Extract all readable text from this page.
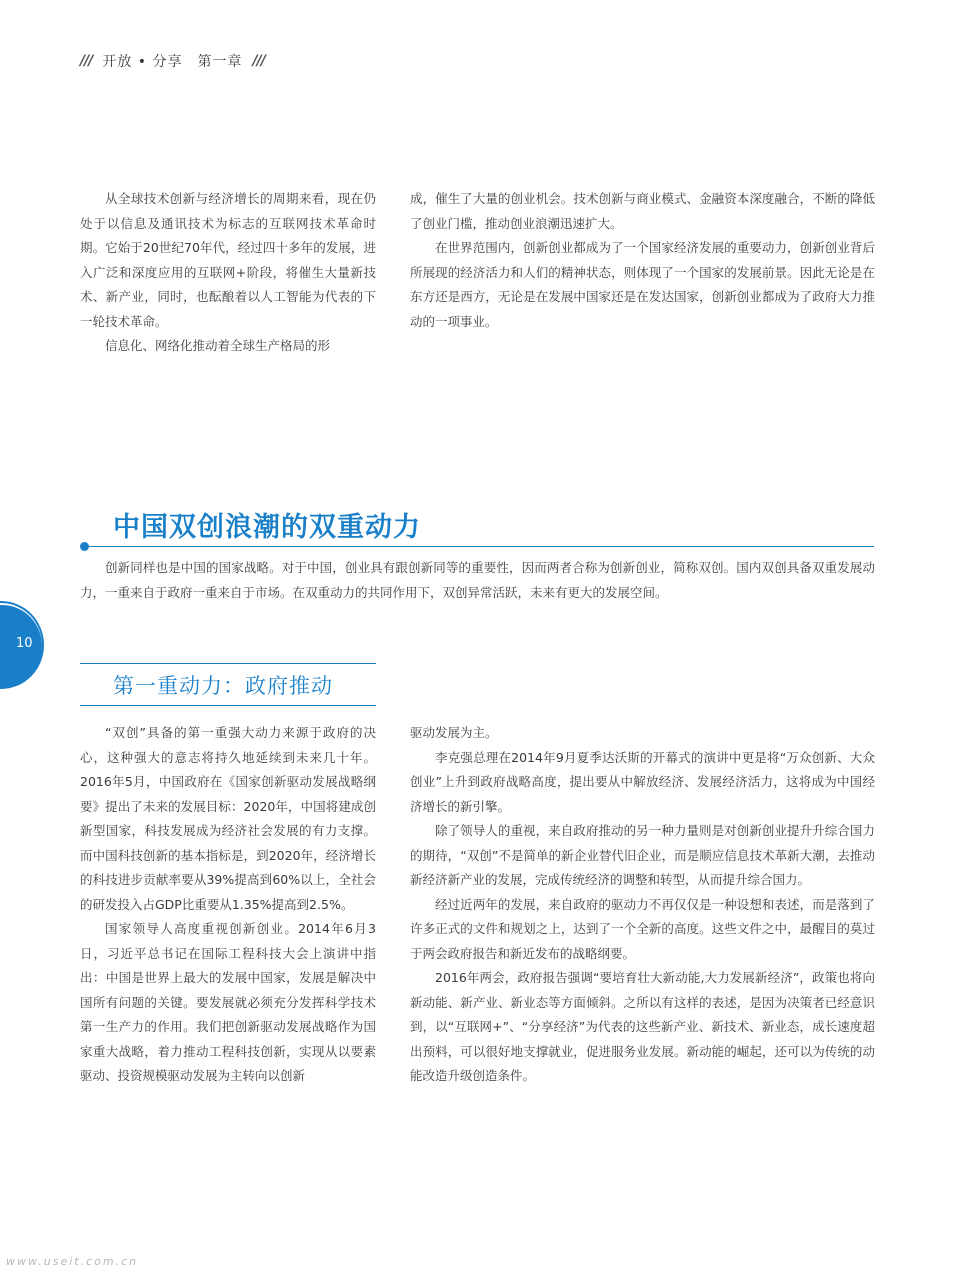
/// 开放 • 分享　第一章 ///

从全球技术创新与经济增长的周期来看，现在仍处于以信息及通讯技术为标志的互联网技术革命时期。它始于20世纪70年代，经过四十多年的发展，进入广泛和深度应用的互联网+阶段，将催生大量新技术、新产业，同时，也酝酿着以人工智能为代表的下一轮技术革命。

信息化、网络化推动着全球生产格局的形

成，催生了大量的创业机会。技术创新与商业模式、金融资本深度融合，不断的降低了创业门槛，推动创业浪潮迅速扩大。

在世界范围内，创新创业都成为了一个国家经济发展的重要动力，创新创业背后所展现的经济活力和人们的精神状态，则体现了一个国家的发展前景。因此无论是在东方还是西方，无论是在发展中国家还是在发达国家，创新创业都成为了政府大力推动的一项事业。

中国双创浪潮的双重动力

创新同样也是中国的国家战略。对于中国，创业具有跟创新同等的重要性，因而两者合称为创新创业，简称双创。国内双创具备双重发展动力，一重来自于政府一重来自于市场。在双重动力的共同作用下，双创异常活跃，未来有更大的发展空间。

10
第一重动力：政府推动

“双创”具备的第一重强大动力来源于政府的决心，这种强大的意志将持久地延续到未来几十年。2016年5月，中国政府在《国家创新驱动发展战略纲要》提出了未来的发展目标：2020年，中国将建成创新型国家，科技发展成为经济社会发展的有力支撑。而中国科技创新的基本指标是，到2020年，经济增长的科技进步贡献率要从39%提高到60%以上，全社会的研发投入占GDP比重要从1.35%提高到2.5%。

国家领导人高度重视创新创业。2014年6月3日，习近平总书记在国际工程科技大会上演讲中指出：中国是世界上最大的发展中国家，发展是解决中国所有问题的关键。要发展就必须充分发挥科学技术第一生产力的作用。我们把创新驱动发展战略作为国家重大战略，着力推动工程科技创新，实现从以要素驱动、投资规模驱动发展为主转向以创新

驱动发展为主。

李克强总理在2014年9月夏季达沃斯的开幕式的演讲中更是将“万众创新、大众创业”上升到政府战略高度，提出要从中解放经济、发展经济活力，这将成为中国经济增长的新引擎。

除了领导人的重视，来自政府推动的另一种力量则是对创新创业提升升综合国力的期待，“双创”不是简单的新企业替代旧企业，而是顺应信息技术革新大潮，去推动新经济新产业的发展，完成传统经济的调整和转型，从而提升综合国力。

经过近两年的发展，来自政府的驱动力不再仅仅是一种设想和表述，而是落到了许多正式的文件和规划之上，达到了一个全新的高度。这些文件之中，最醒目的莫过于两会政府报告和新近发布的战略纲要。

2016年两会，政府报告强调“要培育壮大新动能,大力发展新经济”，政策也将向新动能、新产业、新业态等方面倾斜。之所以有这样的表述，是因为决策者已经意识到，以“互联网+”、“分享经济”为代表的这些新产业、新技术、新业态，成长速度超出预料，可以很好地支撑就业，促进服务业发展。新动能的崛起，还可以为传统的动能改造升级创造条件。

www.useit.com.cn
